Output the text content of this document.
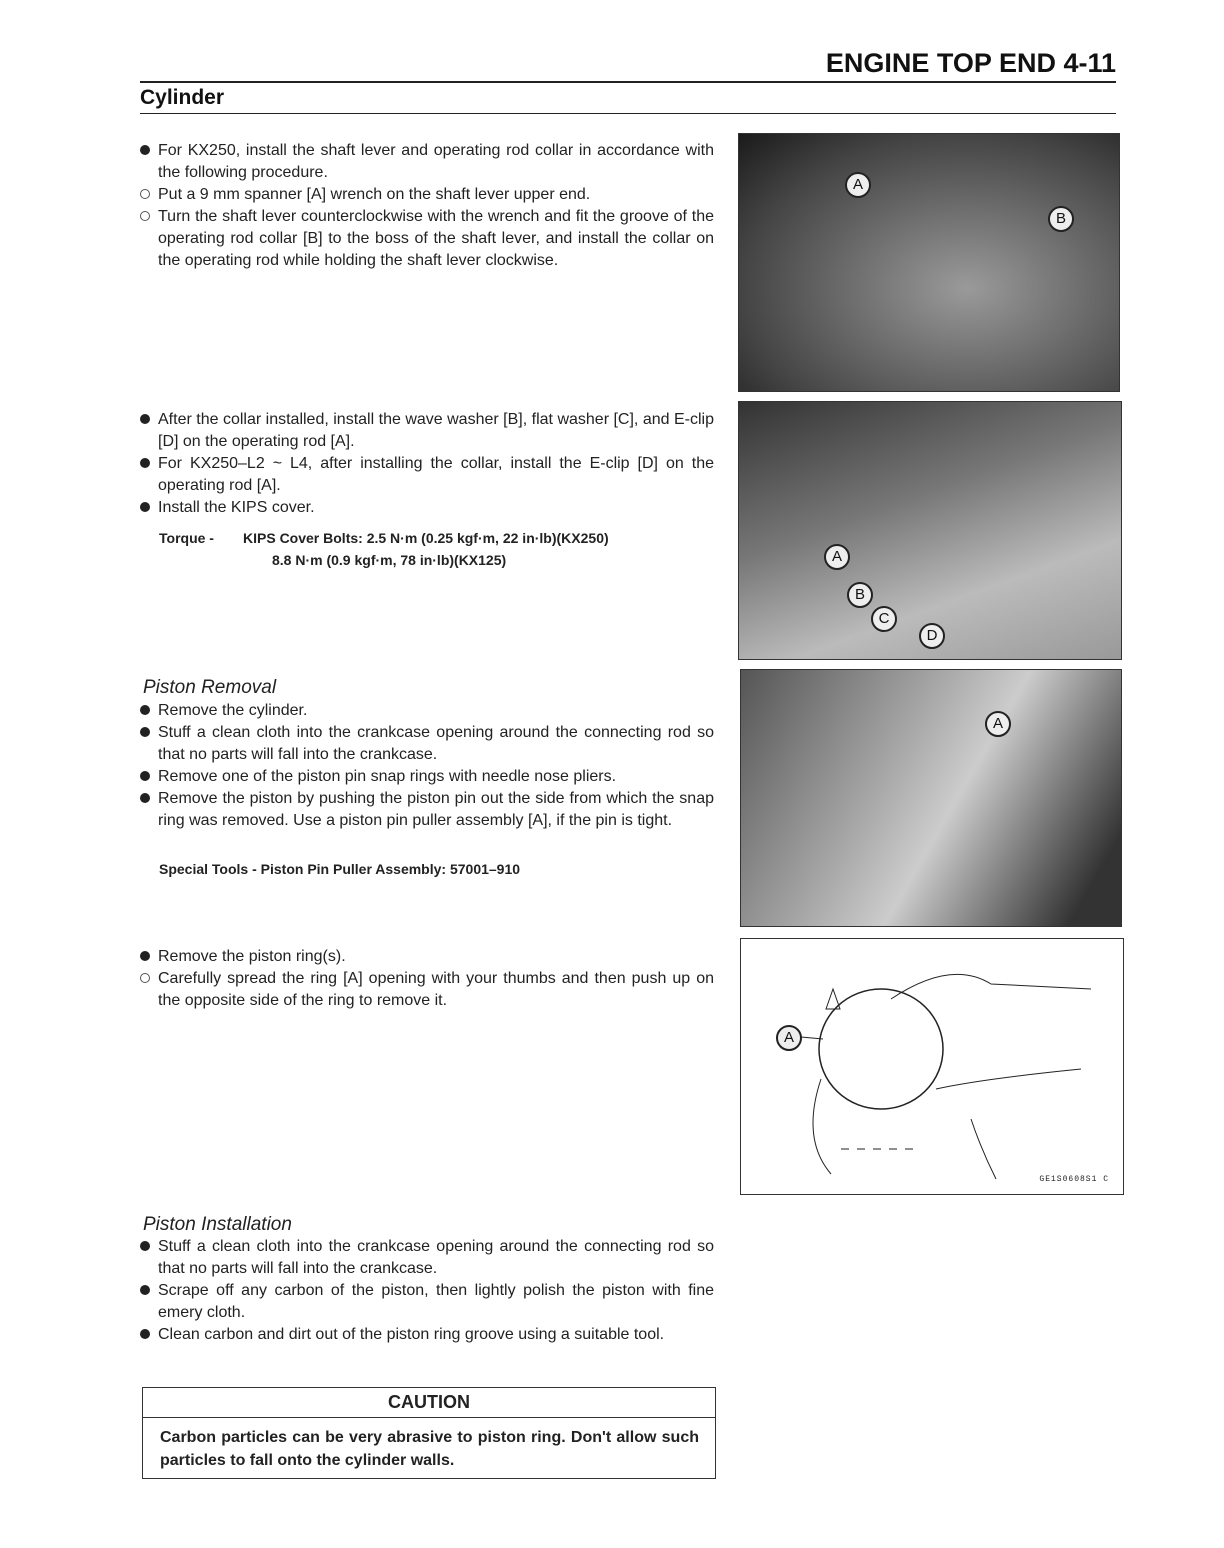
ENGINE TOP END 4-11
Cylinder
For KX250, install the shaft lever and operating rod collar in accordance with the following procedure.
Put a 9 mm spanner [A] wrench on the shaft lever upper end.
Turn the shaft lever counterclockwise with the wrench and fit the groove of the operating rod collar [B] to the boss of the shaft lever, and install the collar on the operating rod while holding the shaft lever clockwise.
After the collar installed, install the wave washer [B], flat washer [C], and E-clip [D] on the operating rod [A].
For KX250–L2 ~ L4, after installing the collar, install the E-clip [D] on the operating rod [A].
Install the KIPS cover.
Torque - KIPS Cover Bolts: 2.5 N·m (0.25 kgf·m, 22 in·lb)(KX250)
8.8 N·m (0.9 kgf·m, 78 in·lb)(KX125)
Piston Removal
Remove the cylinder.
Stuff a clean cloth into the crankcase opening around the connecting rod so that no parts will fall into the crankcase.
Remove one of the piston pin snap rings with needle nose pliers.
Remove the piston by pushing the piston pin out the side from which the snap ring was removed. Use a piston pin puller assembly [A], if the pin is tight.
Special Tools - Piston Pin Puller Assembly: 57001–910
Remove the piston ring(s).
Carefully spread the ring [A] opening with your thumbs and then push up on the opposite side of the ring to remove it.
Piston Installation
Stuff a clean cloth into the crankcase opening around the connecting rod so that no parts will fall into the crankcase.
Scrape off any carbon of the piston, then lightly polish the piston with fine emery cloth.
Clean carbon and dirt out of the piston ring groove using a suitable tool.
CAUTION
Carbon particles can be very abrasive to piston ring. Don't allow such particles to fall onto the cylinder walls.
A
B
A
B
C
D
A
A
GE1S0608S1 C
